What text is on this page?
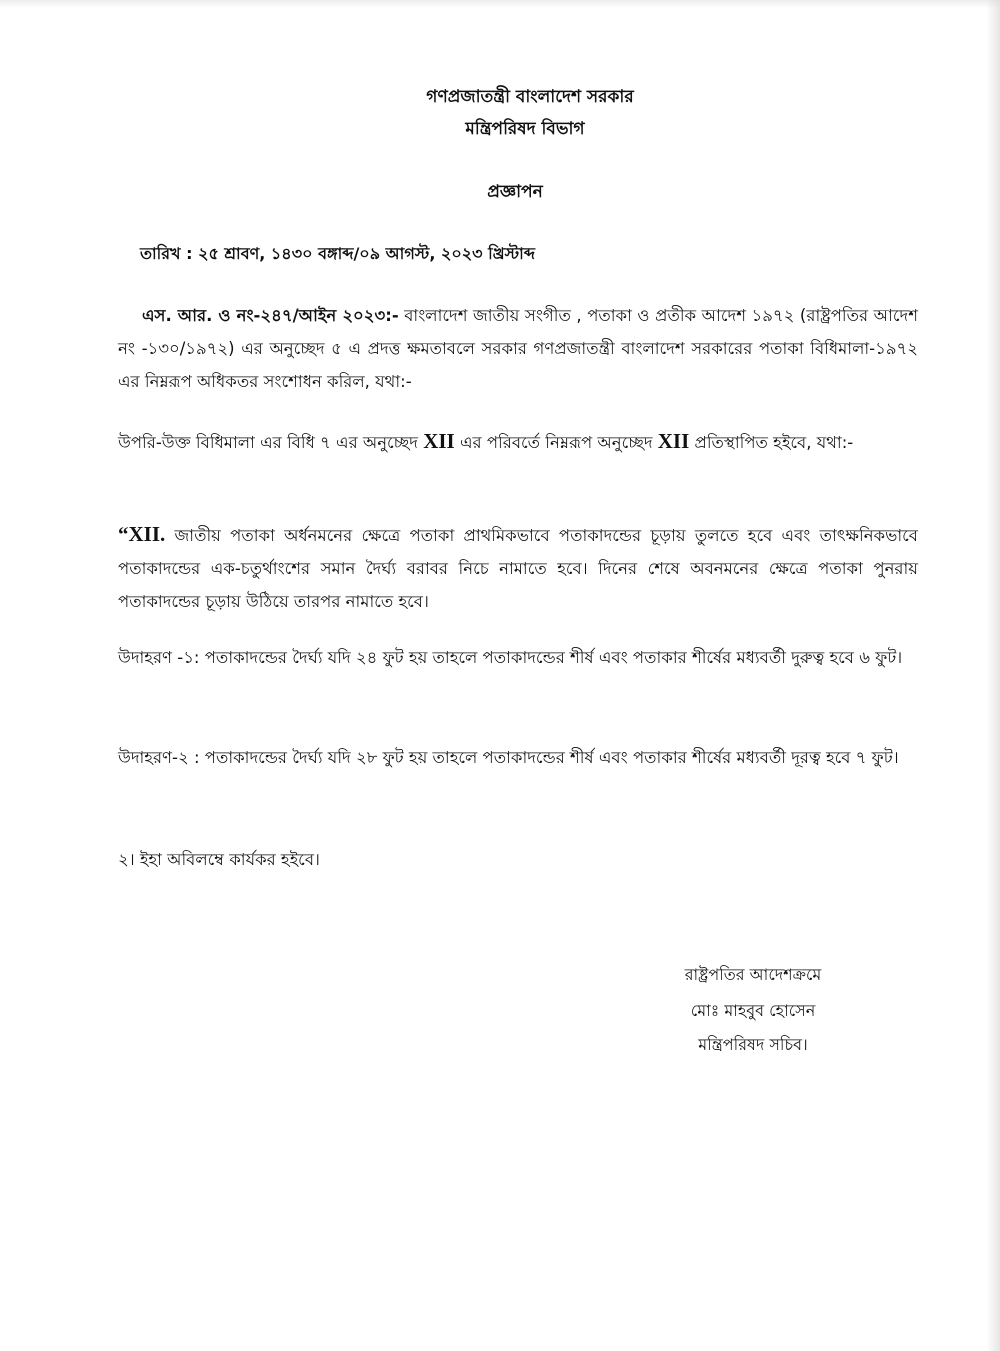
গণপ্রজাতন্ত্রী বাংলাদেশ সরকার
মন্ত্রিপরিষদ বিভাগ
প্রজ্ঞাপন
তারিখ : ২৫ শ্রাবণ, ১৪৩০ বঙ্গাব্দ/০৯ আগস্ট, ২০২৩ খ্রিস্টাব্দ
এস. আর. ও নং-২৪৭/আইন ২০২৩:- বাংলাদেশ জাতীয় সংগীত , পতাকা ও প্রতীক আদেশ ১৯৭২ (রাষ্ট্রপতির আদেশ নং -১৩০/১৯৭২) এর অনুচ্ছেদ ৫ এ প্রদত্ত ক্ষমতাবলে সরকার গণপ্রজাতন্ত্রী বাংলাদেশ সরকারের পতাকা বিধিমালা-১৯৭২ এর নিম্নরূপ অধিকতর সংশোধন করিল, যথা:-
উপরি-উক্ত বিধিমালা এর বিধি ৭ এর অনুচ্ছেদ XII এর পরিবর্তে নিম্নরূপ অনুচ্ছেদ XII প্রতিস্থাপিত হইবে, যথা:-
“XII. জাতীয় পতাকা অর্ধনমনের ক্ষেত্রে পতাকা প্রাথমিকভাবে পতাকাদন্ডের চূড়ায় তুলতে হবে এবং তাৎক্ষনিকভাবে পতাকাদন্ডের এক-চতুর্থাংশের সমান দৈর্ঘ্য বরাবর নিচে নামাতে হবে। দিনের শেষে অবনমনের ক্ষেত্রে পতাকা পুনরায় পতাকাদন্ডের চূড়ায় উঠিয়ে তারপর নামাতে হবে।
উদাহরণ -১: পতাকাদন্ডের দৈর্ঘ্য যদি ২৪ ফুট হয় তাহলে পতাকাদন্ডের শীর্ষ এবং পতাকার শীর্ষের মধ্যবর্তী দুরুত্ব হবে ৬ ফুট।
উদাহরণ-২ : পতাকাদন্ডের দৈর্ঘ্য যদি ২৮ ফুট হয় তাহলে পতাকাদন্ডের শীর্ষ এবং পতাকার শীর্ষের মধ্যবর্তী দূরত্ব হবে ৭ ফুট।
২। ইহা অবিলম্বে কার্যকর হইবে।
রাষ্ট্রপতির আদেশক্রমে
মোঃ মাহবুব হোসেন
মন্ত্রিপরিষদ সচিব।
